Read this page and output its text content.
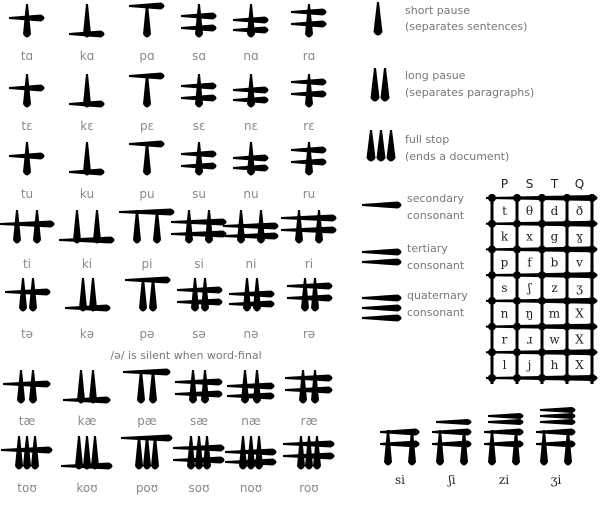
tɑ	kɑ	pɑ	sɑ	nɑ	rɑ
tɛ	kɛ	pɛ	sɛ	nɛ	rɛ
tu	ku	pu	su	nu	ru
ti	ki	pi	si	ni	ri
tə	kə	pə	sə	nə	rə
tæ	kæ	pæ	sæ	næ	ræ
toʊ	koʊ	poʊ	soʊ	noʊ	roʊ
/ə/ is silent when word-final
short pause
(separates sentences)
long pasue
(separates paragraphs)
full stop
(ends a document)
secondary
consonant
tertiary
consonant
quaternary
consonant
P S T Q
t θ d ð
k x g ɣ
p f b v
s ʃ z ʒ
n ŋ m X
r ɹ w X
l j h X
si	ʃi	zi	ʒi
